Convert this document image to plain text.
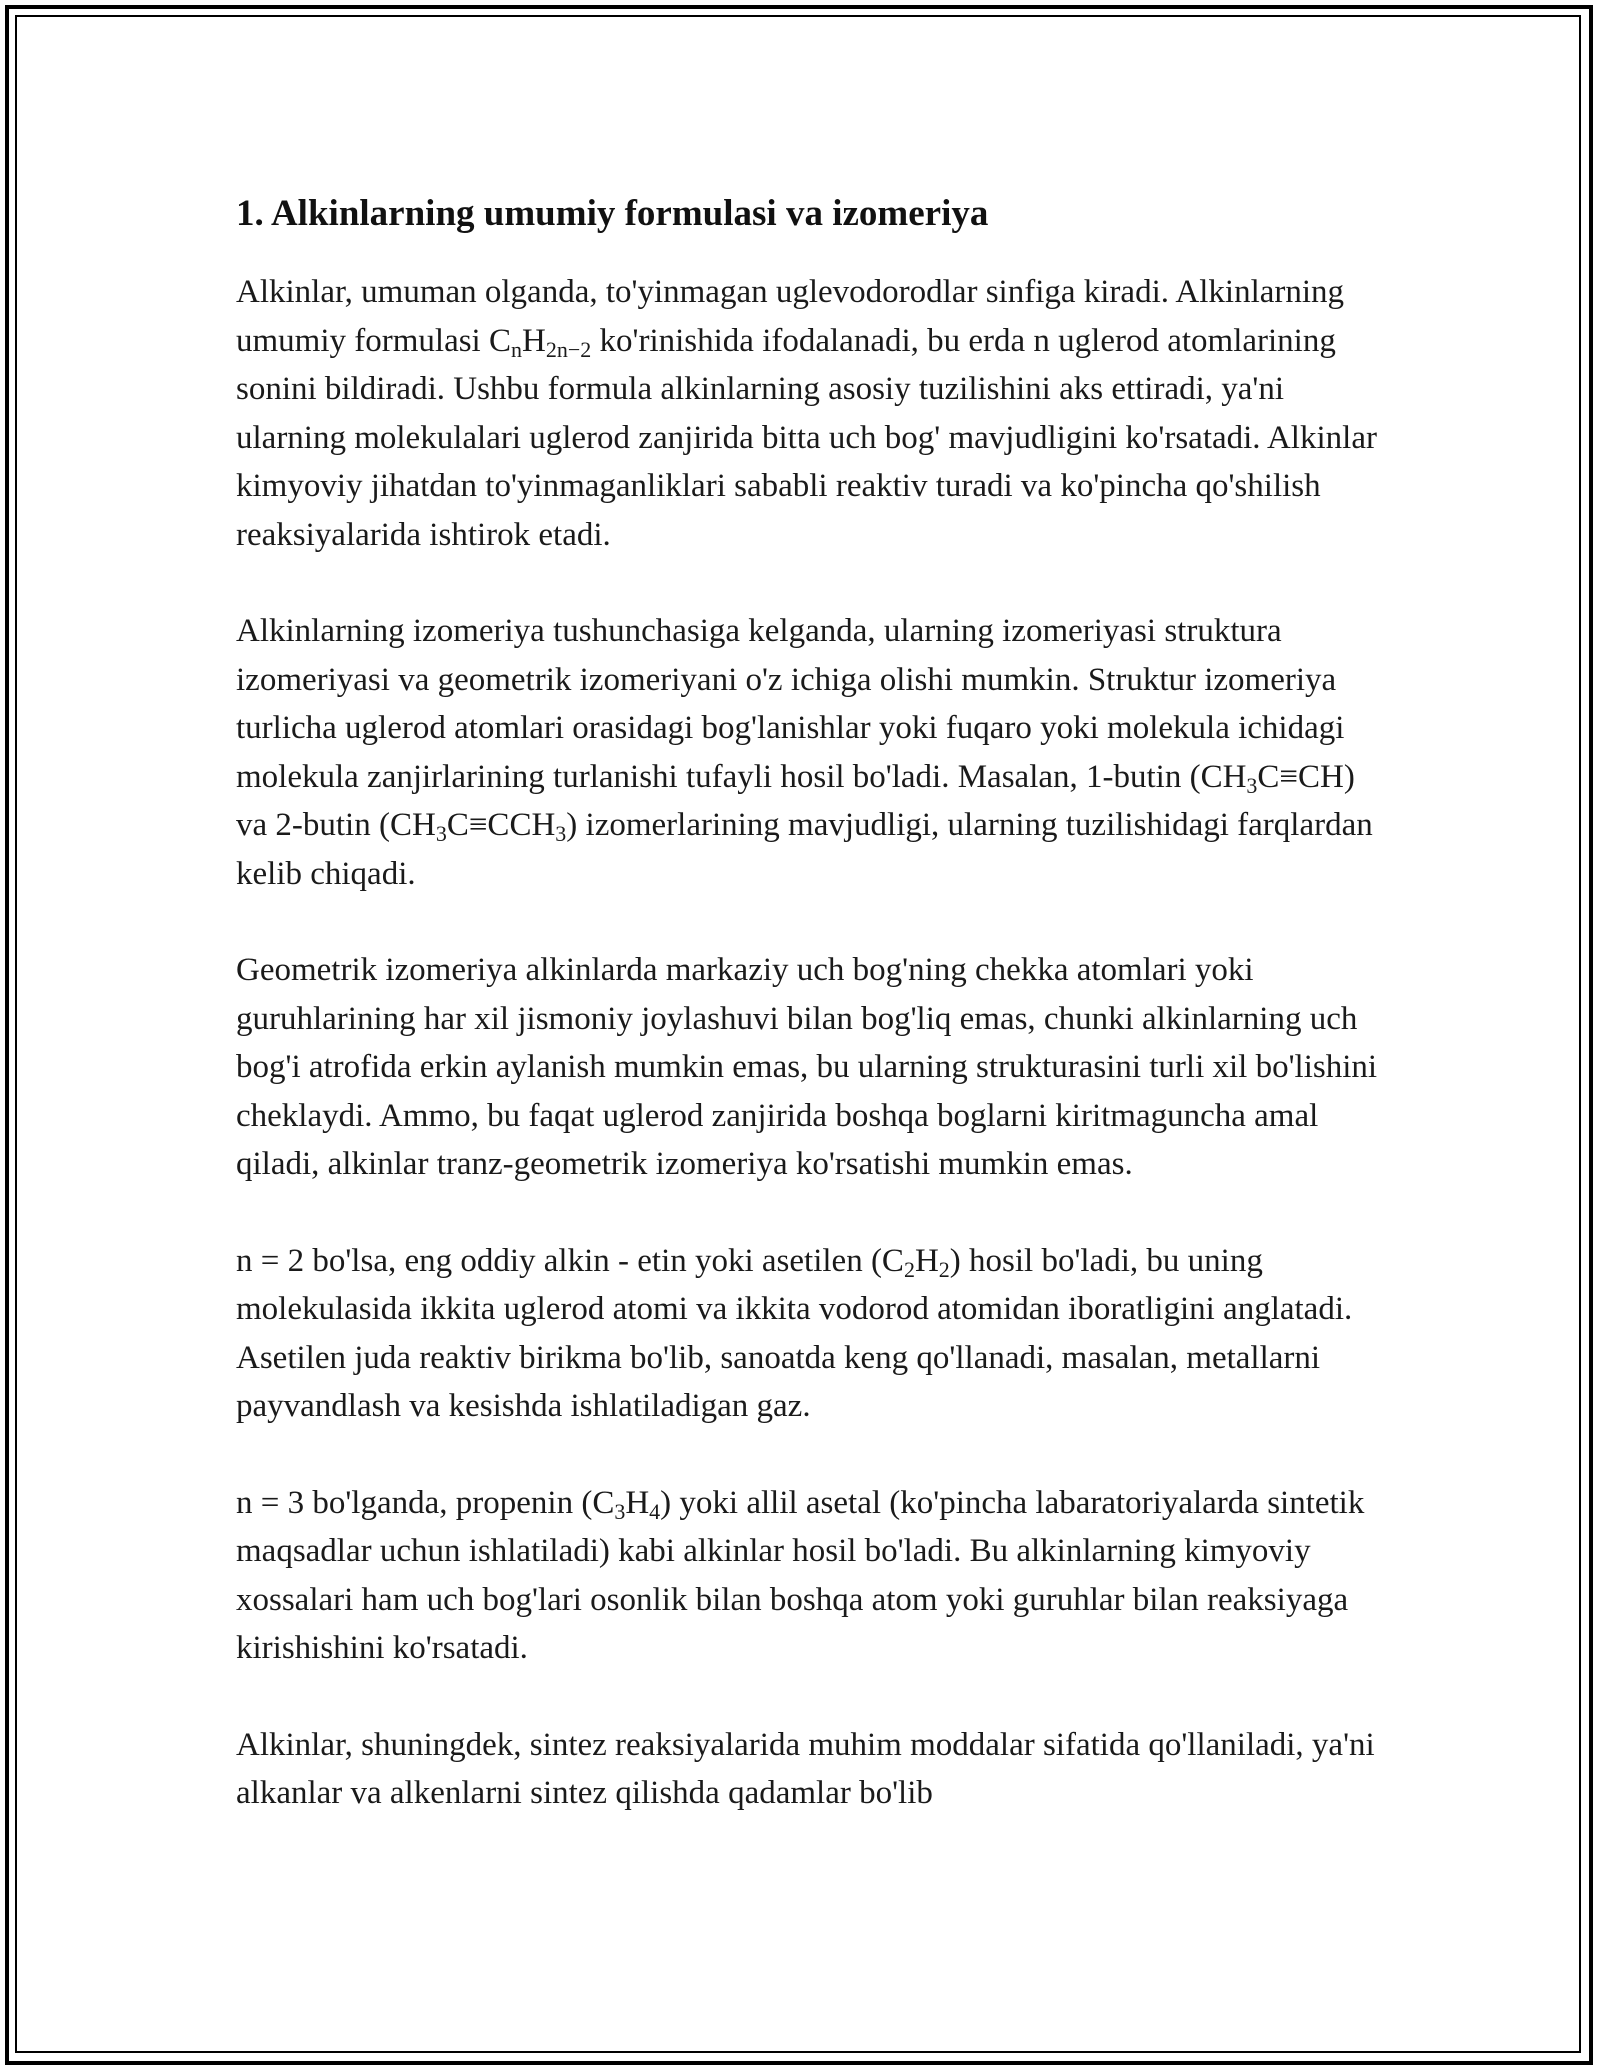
1. Alkinlarning umumiy formulasi va izomeriya

Alkinlar, umuman olganda, to'yinmagan uglevodorodlar sinfiga kiradi. Alkinlarning umumiy formulasi $C_nH_{2n-2}$ ko'rinishida ifodalanadi, bu erda n uglerod atomlarining sonini bildiradi. Ushbu formula alkinlarning asosiy tuzilishini aks ettiradi, ya'ni ularning molekulalari uglerod zanjirida bitta uch bog' mavjudligini ko'rsatadi. Alkinlar kimyoviy jihatdan to'yinmaganliklari sababli reaktiv turadi va ko'pincha qo'shilish reaksiyalarida ishtirok etadi.

Alkinlarning izomeriya tushunchasiga kelganda, ularning izomeriyasi struktura izomeriyasi va geometrik izomeriyani o'z ichiga olishi mumkin. Struktur izomeriya turlicha uglerod atomlari orasidagi bog'lanishlar yoki fuqaro yoki molekula ichidagi molekula zanjirlarining turlanishi tufayli hosil bo'ladi. Masalan, 1-butin $(CH_3C\equiv CH)$ va 2-butin $(CH_3C\equiv CCH_3)$ izomerlarining mavjudligi, ularning tuzilishidagi farqlardan kelib chiqadi.

Geometrik izomeriya alkinlarda markaziy uch bog'ning chekka atomlari yoki guruhlarining har xil jismoniy joylashuvi bilan bog'liq emas, chunki alkinlarning uch bog'i atrofida erkin aylanish mumkin emas, bu ularning strukturasini turli xil bo'lishini cheklaydi. Ammo, bu faqat uglerod zanjirida boshqa boglarni kiritmaguncha amal qiladi, alkinlar tranz-geometrik izomeriya ko'rsatishi mumkin emas.

n = 2 bo'lsa, eng oddiy alkin - etin yoki asetilen $(C_2H_2)$ hosil bo'ladi, bu uning molekulasida ikkita uglerod atomi va ikkita vodorod atomidan iboratligini anglatadi. Asetilen juda reaktiv birikma bo'lib, sanoatda keng qo'llanadi, masalan, metallarni payvandlash va kesishda ishlatiladigan gaz.

n = 3 bo'lganda, propenin $(C_3H_4)$ yoki allil asetal (ko'pincha labaratoriyalarda sintetik maqsadlar uchun ishlatiladi) kabi alkinlar hosil bo'ladi. Bu alkinlarning kimyoviy xossalari ham uch bog'lari osonlik bilan boshqa atom yoki guruhlar bilan reaksiyaga kirishishini ko'rsatadi.

Alkinlar, shuningdek, sintez reaksiyalarida muhim moddalar sifatida qo'llaniladi, ya'ni alkanlar va alkenlarni sintez qilishda qadamlar bo'lib
